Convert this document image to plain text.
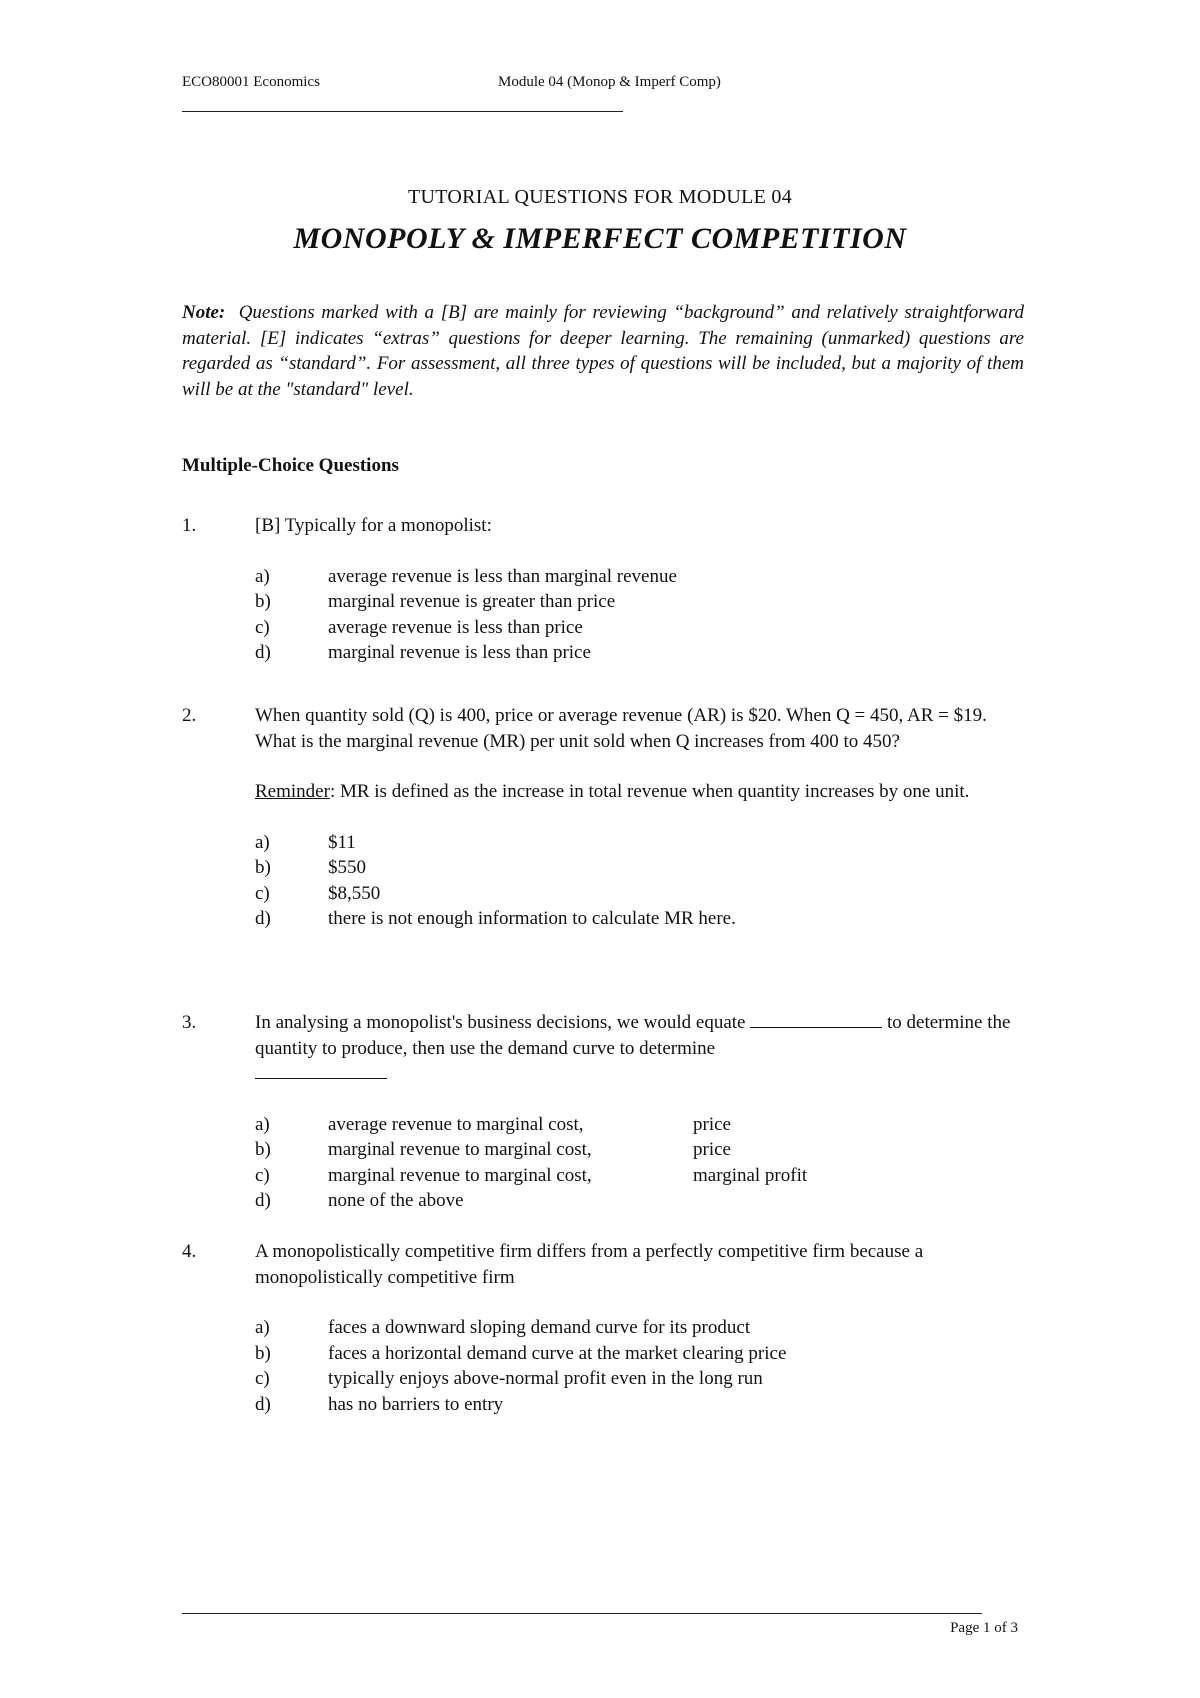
ECO80001 Economics	Module 04 (Monop & Imperf Comp)
TUTORIAL QUESTIONS FOR MODULE 04
MONOPOLY & IMPERFECT COMPETITION
Note: Questions marked with a [B] are mainly for reviewing “background” and relatively straightforward material. [E] indicates “extras” questions for deeper learning. The remaining (unmarked) questions are regarded as “standard”. For assessment, all three types of questions will be included, but a majority of them will be at the "standard" level.
Multiple-Choice Questions
1.	[B] Typically for a monopolist:
a)	average revenue is less than marginal revenue
b)	marginal revenue is greater than price
c)	average revenue is less than price
d)	marginal revenue is less than price
2.	When quantity sold (Q) is 400, price or average revenue (AR) is $20. When Q = 450, AR = $19. What is the marginal revenue (MR) per unit sold when Q increases from 400 to 450?
Reminder: MR is defined as the increase in total revenue when quantity increases by one unit.
a)	$11
b)	$550
c)	$8,550
d)	there is not enough information to calculate MR here.
3.	In analysing a monopolist's business decisions, we would equate	to determine the quantity to produce, then use the demand curve to determine

a)	average revenue to marginal cost,	price
b)	marginal revenue to marginal cost,	price
c)	marginal revenue to marginal cost,	marginal profit
d)	none of the above
4.	A monopolistically competitive firm differs from a perfectly competitive firm because a monopolistically competitive firm
a)	faces a downward sloping demand curve for its product
b)	faces a horizontal demand curve at the market clearing price
c)	typically enjoys above-normal profit even in the long run
d)	has no barriers to entry
Page 1 of 3
